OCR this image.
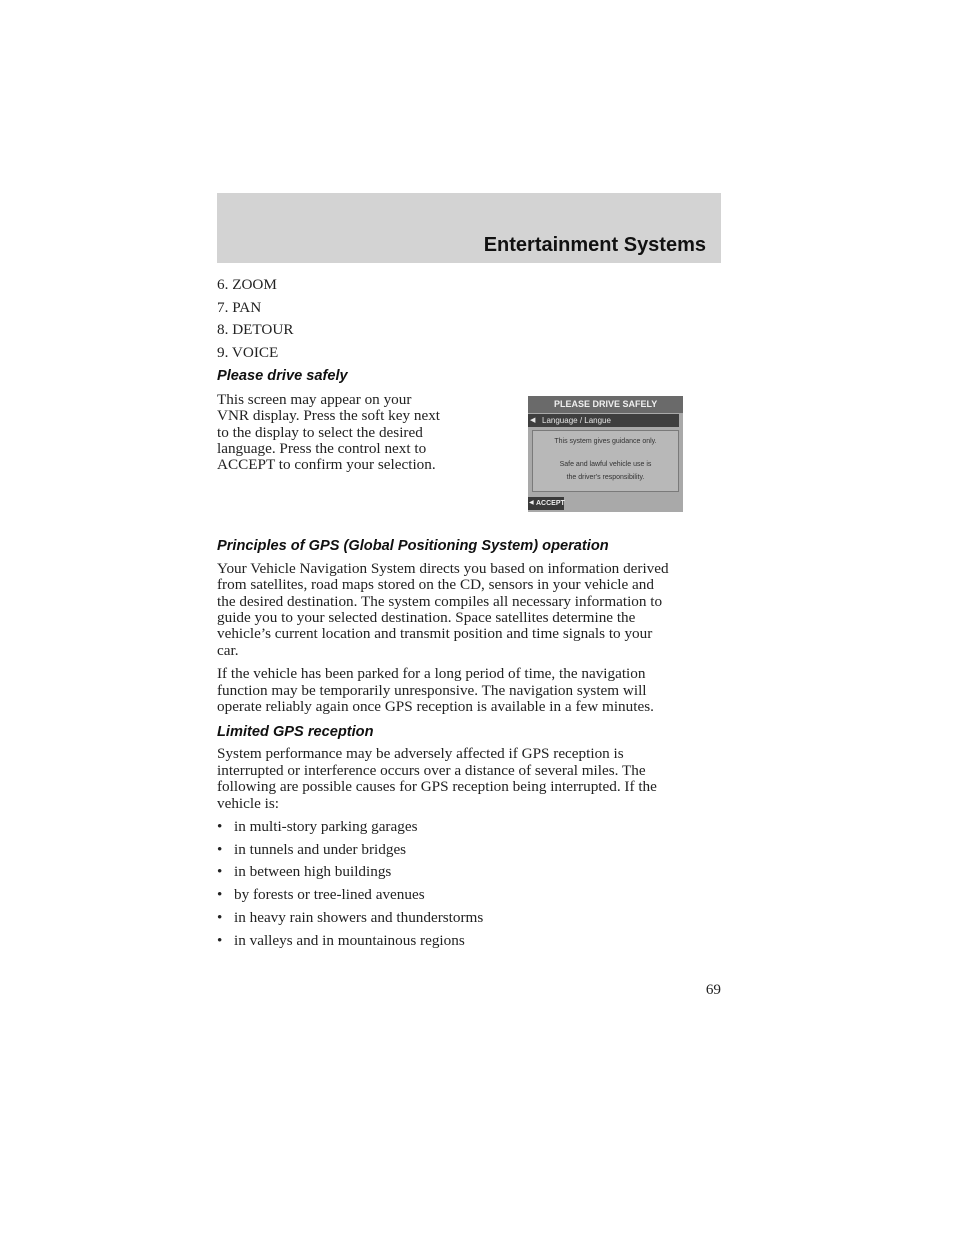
Entertainment Systems
6. ZOOM
7. PAN
8. DETOUR
9. VOICE
Please drive safely

This screen may appear on your
VNR display. Press the soft key next
to the display to select the desired
language. Press the control next to
ACCEPT to confirm your selection.

Principles of GPS (Global Positioning System) operation

Your Vehicle Navigation System directs you based on information derived
from satellites, road maps stored on the CD, sensors in your vehicle and
the desired destination. The system compiles all necessary information to
guide you to your selected destination. Space satellites determine the
vehicle’s current location and transmit position and time signals to your
car.

If the vehicle has been parked for a long period of time, the navigation
function may be temporarily unresponsive. The navigation system will
operate reliably again once GPS reception is available in a few minutes.

Limited GPS reception

System performance may be adversely affected if GPS reception is
interrupted or interference occurs over a distance of several miles. The
following are possible causes for GPS reception being interrupted. If the
vehicle is:

• in multi-story parking garages
• in tunnels and under bridges
• in between high buildings
• by forests or tree-lined avenues
• in heavy rain showers and thunderstorms
• in valleys and in mountainous regions
PLEASE DRIVE SAFELY
◀ Language / Langue
This system gives guidance only.
Safe and lawful vehicle use is
the driver's responsibility.
◀ ACCEPT
69
